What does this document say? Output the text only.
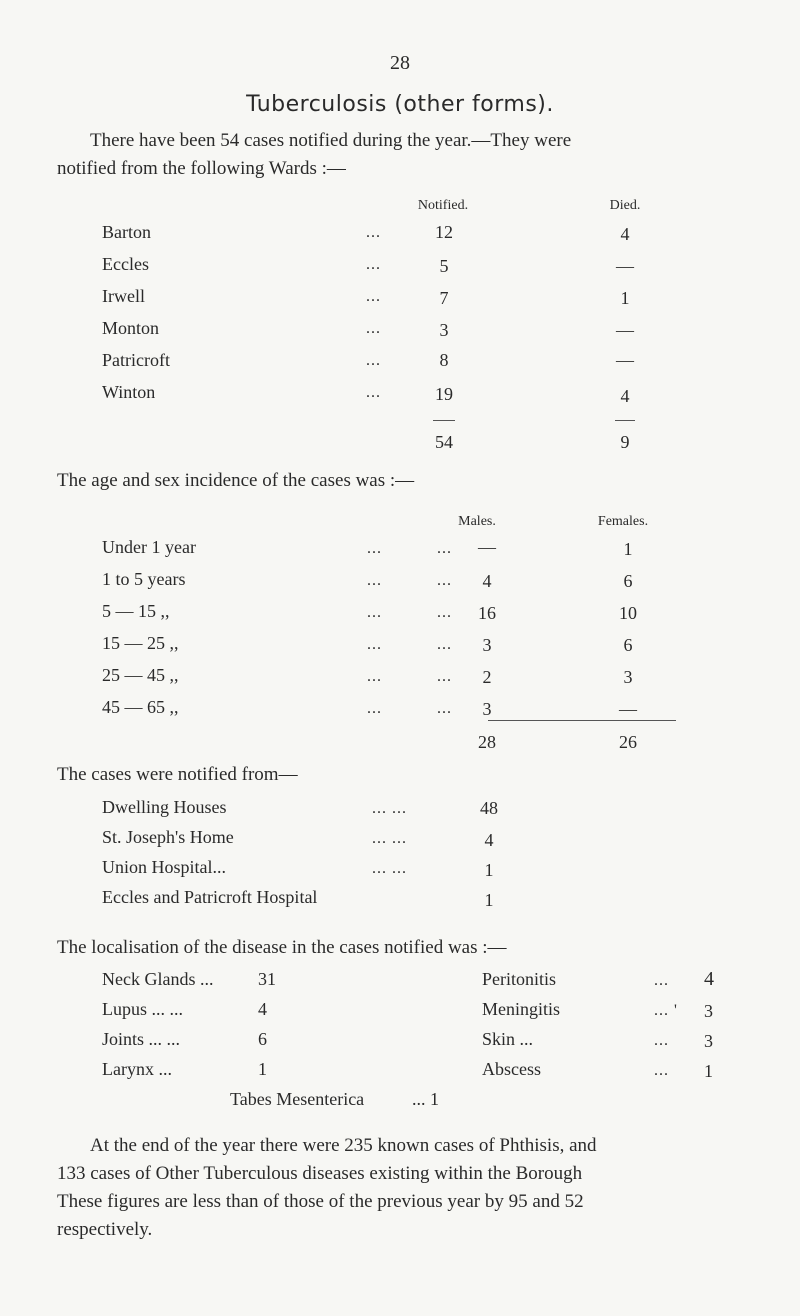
28
Tuberculosis (other forms).
There have been 54 cases notified during the year.—They were
notified from the following Wards :—
Notified.	Died.
Barton	...	12	4
Eccles	...	5	—
Irwell	...	7	1
Monton	...	3	—
Patricroft	...	8	—
Winton	...	19	4
54	9
The age and sex incidence of the cases was :—
Males.	Females.
Under 1 year	...	...	—	1
1 to 5 years	...	...	4	6
5 — 15 ,,	...	...	16	10
15 — 25 ,,	...	...	3	6
25 — 45 ,,	...	...	2	3
45 — 65 ,,	...	...	3	—
28	26
The cases were notified from—
Dwelling Houses	... ...	48
St. Joseph's Home	... ...	4
Union Hospital...	... ...	1
Eccles and Patricroft Hospital	1
The localisation of the disease in the cases notified was :—
Neck Glands ... 31
Lupus ... ...	4
Joints ... ...	6
Larynx ...	1
Peritonitis	... 4
Meningitis	... ' 3
Skin ...	... 3
Abscess	... 1
Tabes Mesenterica	... 1
At the end of the year there were 235 known cases of Phthisis, and
133 cases of Other Tuberculous diseases existing within the Borough
These figures are less than of those of the previous year by 95 and 52
respectively.
